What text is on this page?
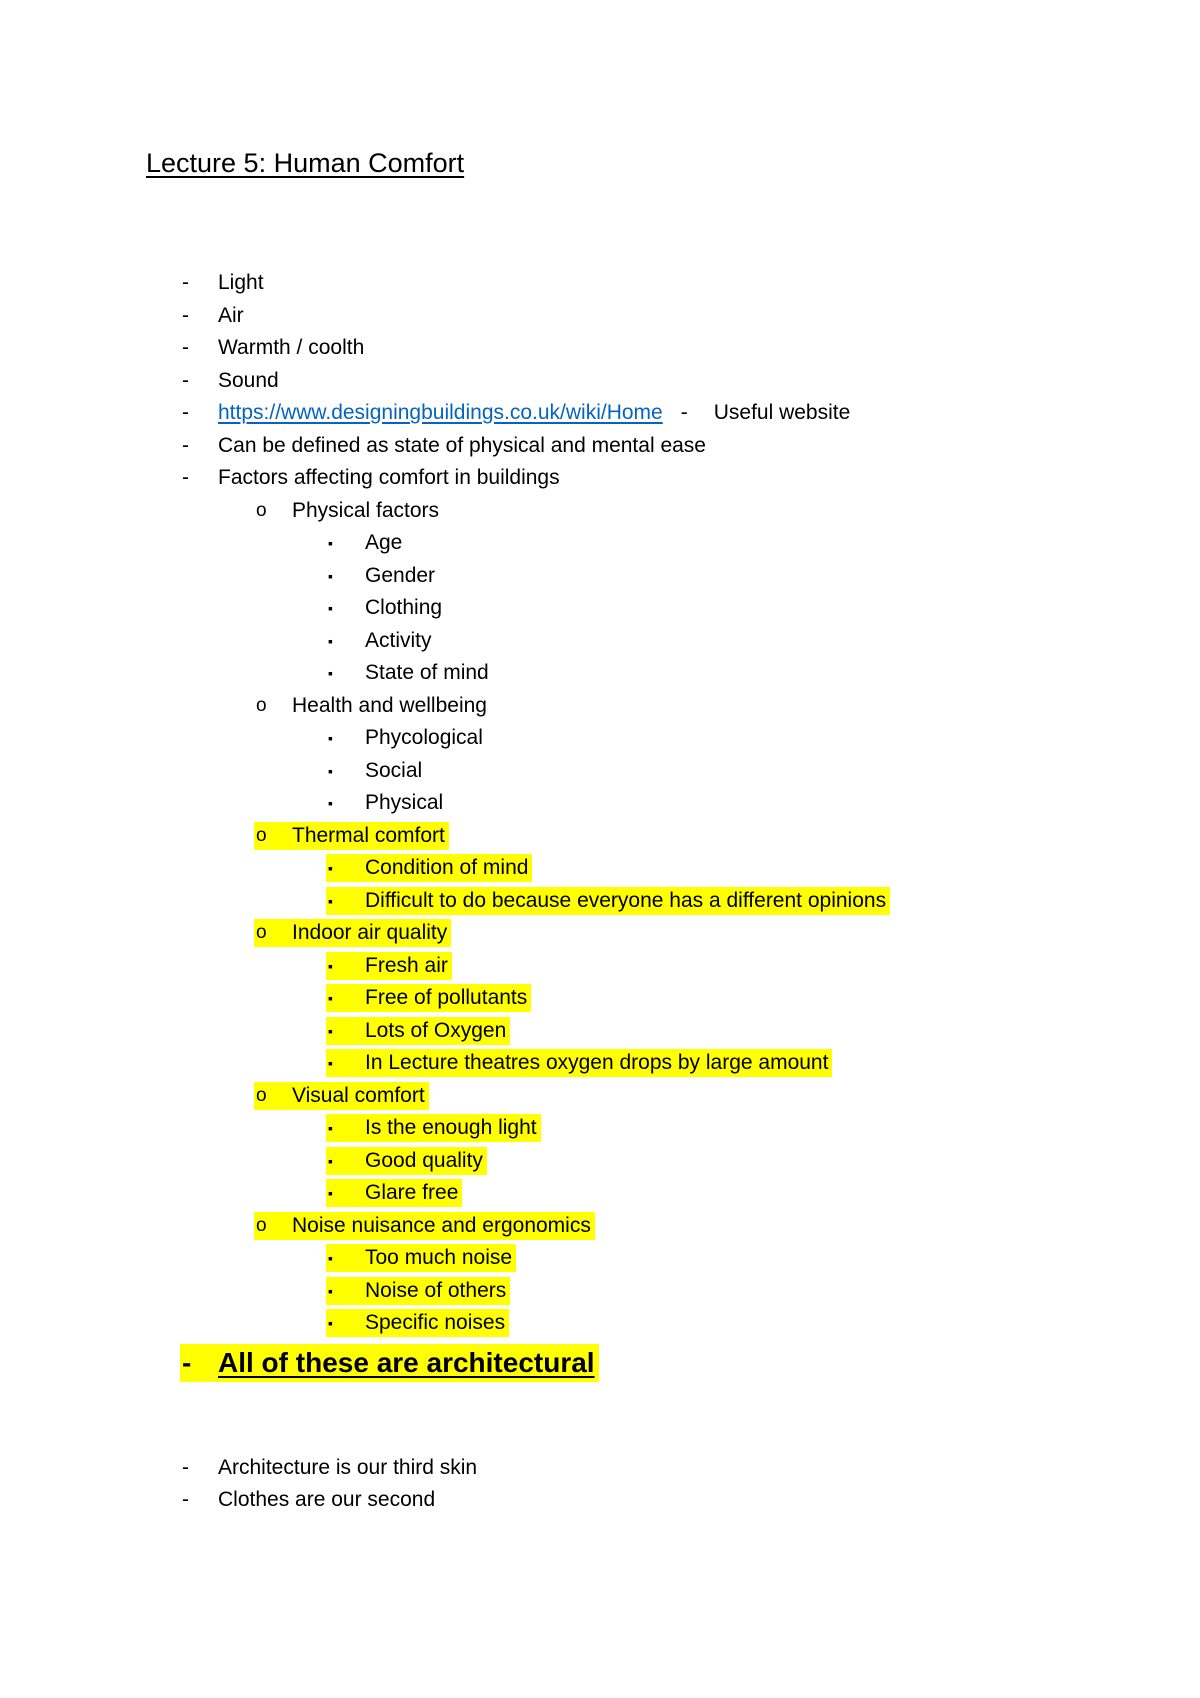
Lecture 5: Human Comfort
- Light
- Air
- Warmth / coolth
- Sound
- https://www.designingbuildings.co.uk/wiki/Home - Useful website
- Can be defined as state of physical and mental ease
- Factors affecting comfort in buildings
o Physical factors
▪ Age
▪ Gender
▪ Clothing
▪ Activity
▪ State of mind
o Health and wellbeing
▪ Phycological
▪ Social
▪ Physical
o Thermal comfort
▪ Condition of mind
▪ Difficult to do because everyone has a different opinions
o Indoor air quality
▪ Fresh air
▪ Free of pollutants
▪ Lots of Oxygen
▪ In Lecture theatres oxygen drops by large amount
o Visual comfort
▪ Is the enough light
▪ Good quality
▪ Glare free
o Noise nuisance and ergonomics
▪ Too much noise
▪ Noise of others
▪ Specific noises
- All of these are architectural
- Architecture is our third skin
- Clothes are our second
